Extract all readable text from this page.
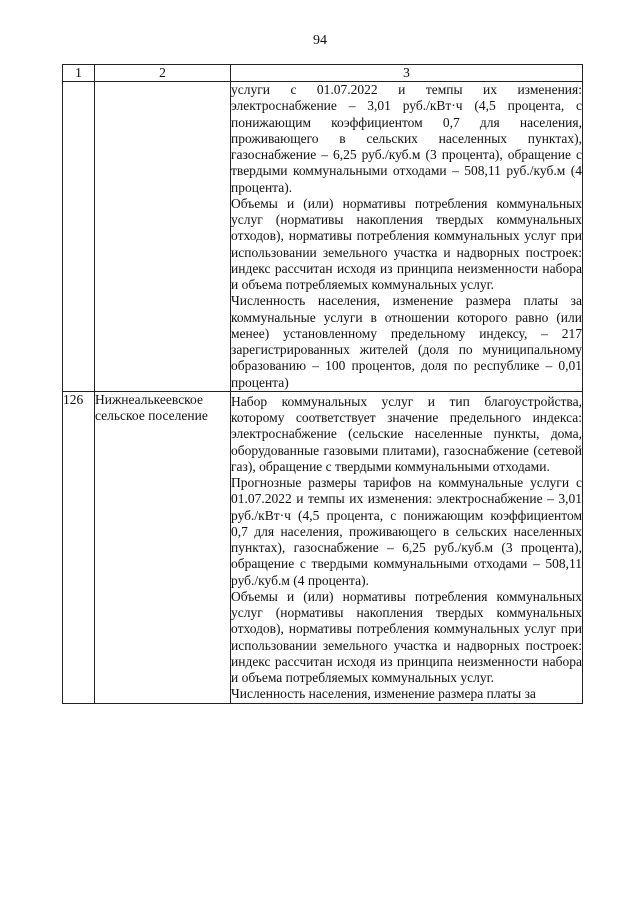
94
1	2	3

		услуги с 01.07.2022 и темпы их изменения: электроснабжение – 3,01 руб./кВт·ч (4,5 процента, с понижающим коэффициентом 0,7 для населения, проживающего в сельских населенных пунктах), газоснабжение – 6,25 руб./куб.м (3 процента), обращение с твердыми коммунальными отходами – 508,11 руб./куб.м (4 процента).

Объемы и (или) нормативы потребления коммунальных услуг (нормативы накопления твердых коммунальных отходов), нормативы потребления коммунальных услуг при использовании земельного участка и надворных построек: индекс рассчитан исходя из принципа неизменности набора и объема потребляемых коммунальных услуг.

Численность населения, изменение размера платы за коммунальные услуги в отношении которого равно (или менее) установленному предельному индексу, – 217 зарегистрированных жителей (доля по муниципальному образованию – 100 процентов, доля по республике – 0,01 процента)

126	Нижнеалькеевское сельское поселение	Набор коммунальных услуг и тип благоустройства, которому соответствует значение предельного индекса: электроснабжение (сельские населенные пункты, дома, оборудованные газовыми плитами), газоснабжение (сетевой газ), обращение с твердыми коммунальными отходами.

Прогнозные размеры тарифов на коммунальные услуги с 01.07.2022 и темпы их изменения: электроснабжение – 3,01 руб./кВт·ч (4,5 процента, с понижающим коэффициентом 0,7 для населения, проживающего в сельских населенных пунктах), газоснабжение – 6,25 руб./куб.м (3 процента), обращение с твердыми коммунальными отходами – 508,11 руб./куб.м (4 процента).

Объемы и (или) нормативы потребления коммунальных услуг (нормативы накопления твердых коммунальных отходов), нормативы потребления коммунальных услуг при использовании земельного участка и надворных построек: индекс рассчитан исходя из принципа неизменности набора и объема потребляемых коммунальных услуг.

Численность населения, изменение размера платы за
